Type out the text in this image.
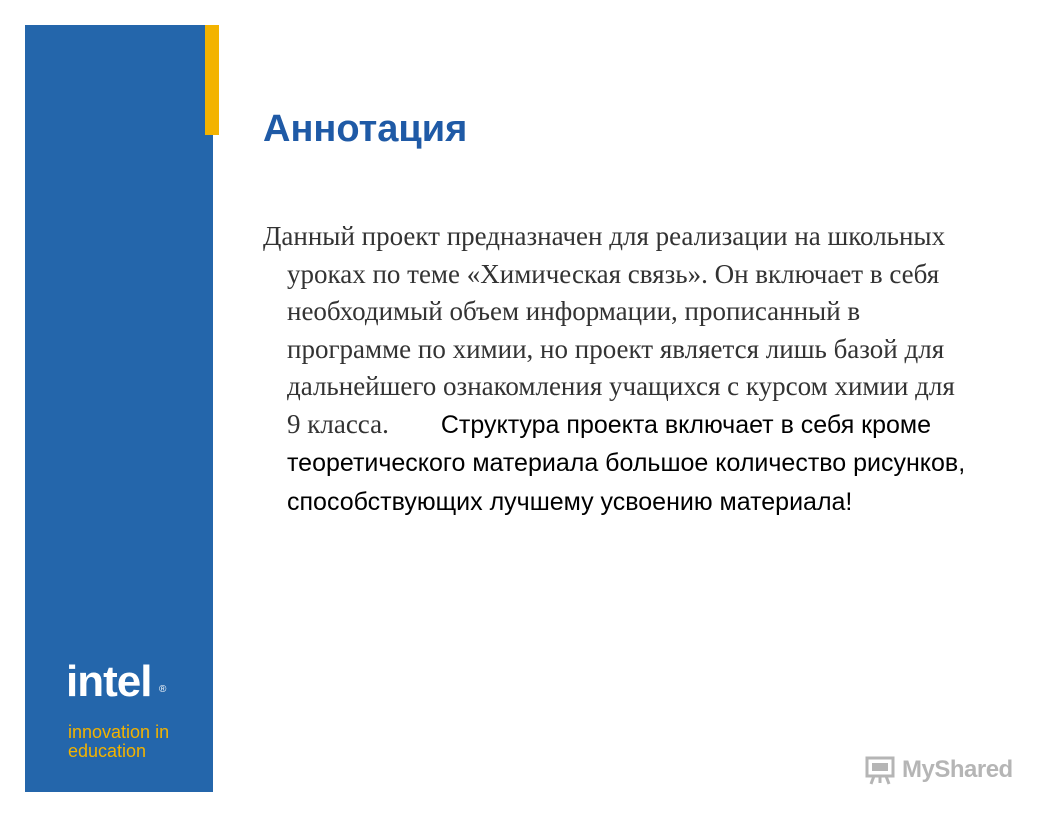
Аннотация

Данный проект предназначен для реализации на школьных уроках по теме «Химическая связь». Он включает в себя необходимый объем информации, прописанный в программе по химии, но проект является лишь базой для дальнейшего ознакомления учащихся с курсом химии для 9 класса. Структура проекта включает в себя кроме теоретического материала большое количество рисунков, способствующих лучшему усвоению материала!

intel ®
innovation in
education
MyShared
